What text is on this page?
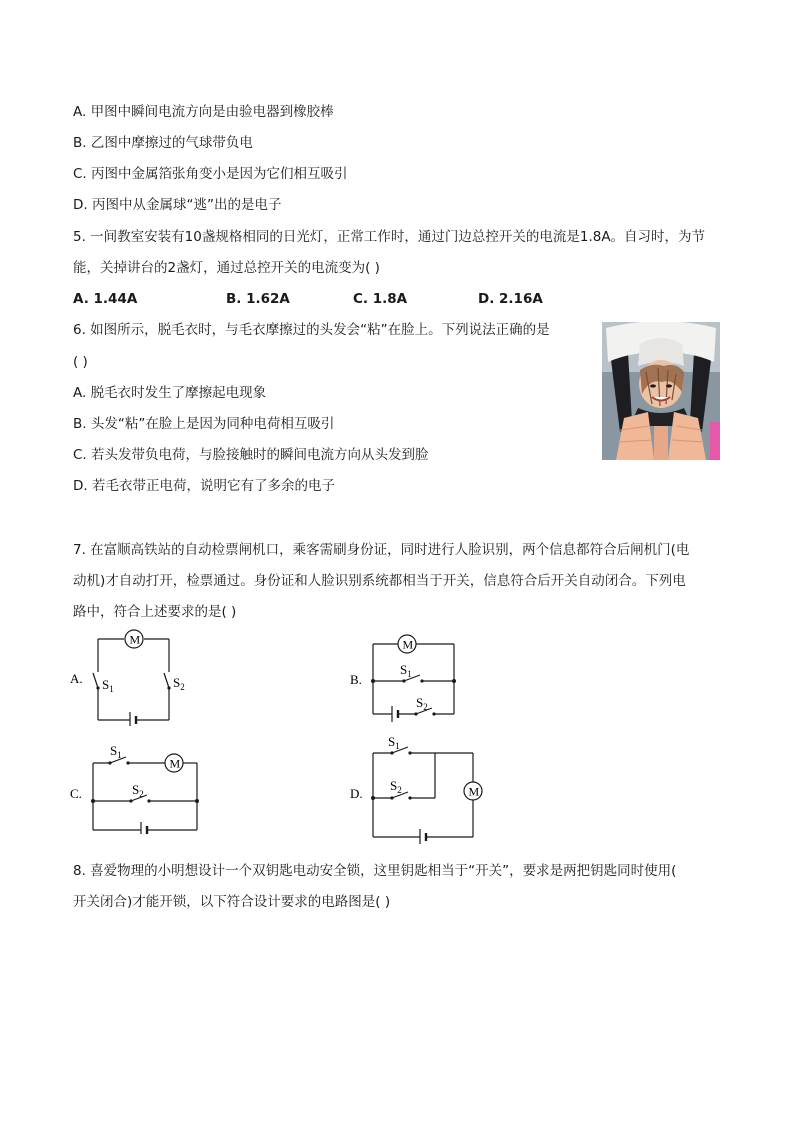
A. 甲图中瞬间电流方向是由验电器到橡胶棒
B. 乙图中摩擦过的气球带负电
C. 丙图中金属箔张角变小是因为它们相互吸引
D. 丙图中从金属球“逃”出的是电子
5. 一间教室安装有10盏规格相同的日光灯，正常工作时，通过门边总控开关的电流是1.8A。自习时，为节
能，关掉讲台的2盏灯，通过总控开关的电流变为( )
A. 1.44A	B. 1.62A	C. 1.8A	D. 2.16A
6. 如图所示，脱毛衣时，与毛衣摩擦过的头发会“粘”在脸上。下列说法正确的是
( )
A. 脱毛衣时发生了摩擦起电现象
B. 头发“粘”在脸上是因为同种电荷相互吸引
C. 若头发带负电荷，与脸接触时的瞬间电流方向从头发到脸
D. 若毛衣带正电荷，说明它有了多余的电子
7. 在富顺高铁站的自动检票闸机口，乘客需刷身份证，同时进行人脸识别，两个信息都符合后闸机门(电
动机)才自动打开，检票通过。身份证和人脸识别系统都相当于开关，信息符合后开关自动闭合。下列电
路中，符合上述要求的是( )
A.
M
$S_1$	$S_2$	B.
M
$S_1$
$S_2$
C.
$S_1$
M
$S_2$	D.
$S_1$
$S_2$	M
8. 喜爱物理的小明想设计一个双钥匙电动安全锁，这里钥匙相当于“开关”，要求是两把钥匙同时使用(
开关闭合)才能开锁，以下符合设计要求的电路图是( )
